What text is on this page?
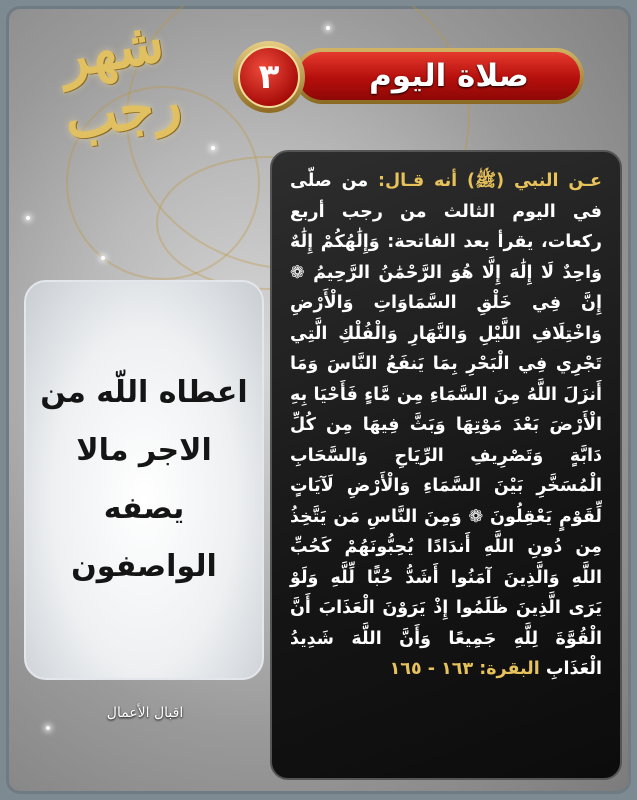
شهر رجب	صلاة اليوم
٣
عـن النبي (ﷺ) أنه قـال: من صلّى في اليوم الثالث من رجب أربع ركعات، يقرأ بعد الفاتحة: وَإِلَٰهُكُمْ إِلَٰهٌ وَاحِدٌ لَا إِلَٰهَ إِلَّا هُوَ الرَّحْمَٰنُ الرَّحِيمُ ❁ إِنَّ فِي خَلْقِ السَّمَاوَاتِ وَالْأَرْضِ وَاخْتِلَافِ اللَّيْلِ وَالنَّهَارِ وَالْفُلْكِ الَّتِي تَجْرِي فِي الْبَحْرِ بِمَا يَنفَعُ النَّاسَ وَمَا أَنزَلَ اللَّهُ مِنَ السَّمَاءِ مِن مَّاءٍ فَأَحْيَا بِهِ الْأَرْضَ بَعْدَ مَوْتِهَا وَبَثَّ فِيهَا مِن كُلِّ دَابَّةٍ وَتَصْرِيفِ الرِّيَاحِ وَالسَّحَابِ الْمُسَخَّرِ بَيْنَ السَّمَاءِ وَالْأَرْضِ لَآيَاتٍ لِّقَوْمٍ يَعْقِلُونَ ❁ وَمِنَ النَّاسِ مَن يَتَّخِذُ مِن دُونِ اللَّهِ أَندَادًا يُحِبُّونَهُمْ كَحُبِّ اللَّهِ وَالَّذِينَ آمَنُوا أَشَدُّ حُبًّا لِّلَّهِ وَلَوْ يَرَى الَّذِينَ ظَلَمُوا إِذْ يَرَوْنَ الْعَذَابَ أَنَّ الْقُوَّةَ لِلَّهِ جَمِيعًا وَأَنَّ اللَّهَ شَدِيدُ الْعَذَابِ البقرة: ١٦٣ - ١٦٥
اعطاه اللّه من الاجر مالا يصفه الواصفون
اقبال الأعمال
